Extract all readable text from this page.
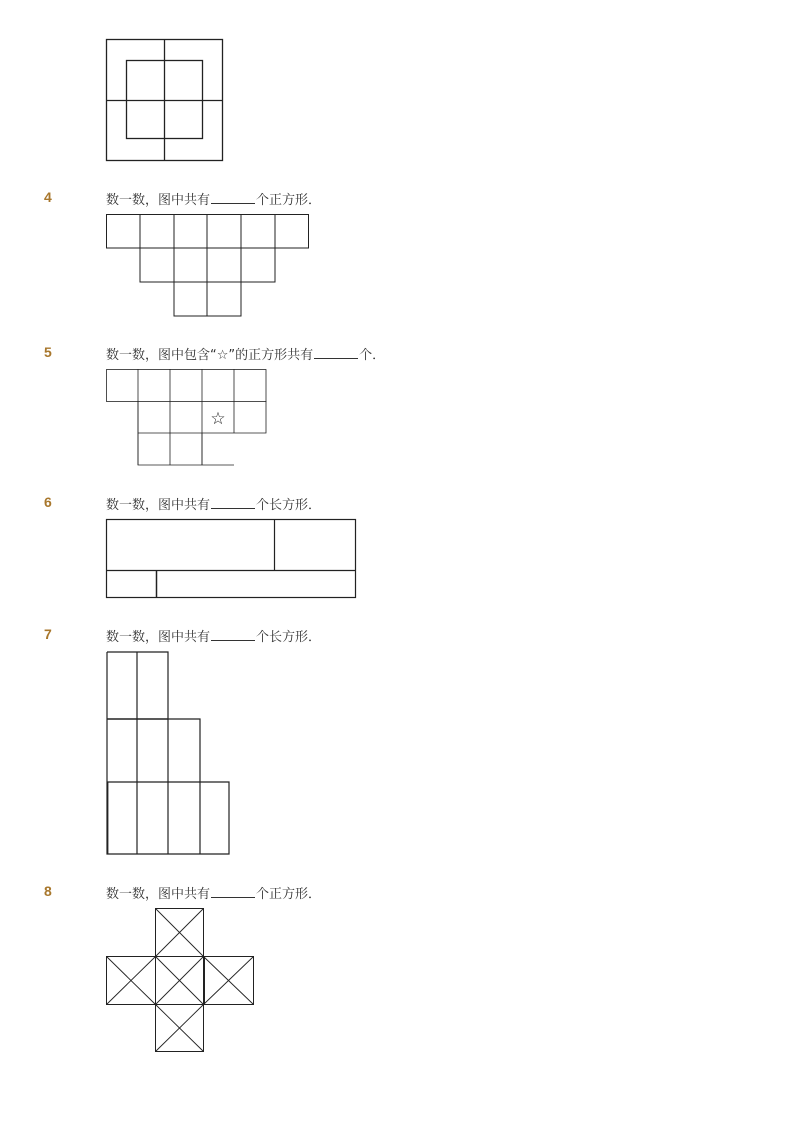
4	数一数，图中共有	个正方形．
5	数一数，图中包含“☆”的正方形共有	个．
☆
6	数一数，图中共有	个长方形．
7	数一数，图中共有	个长方形．
8	数一数，图中共有	个正方形．
